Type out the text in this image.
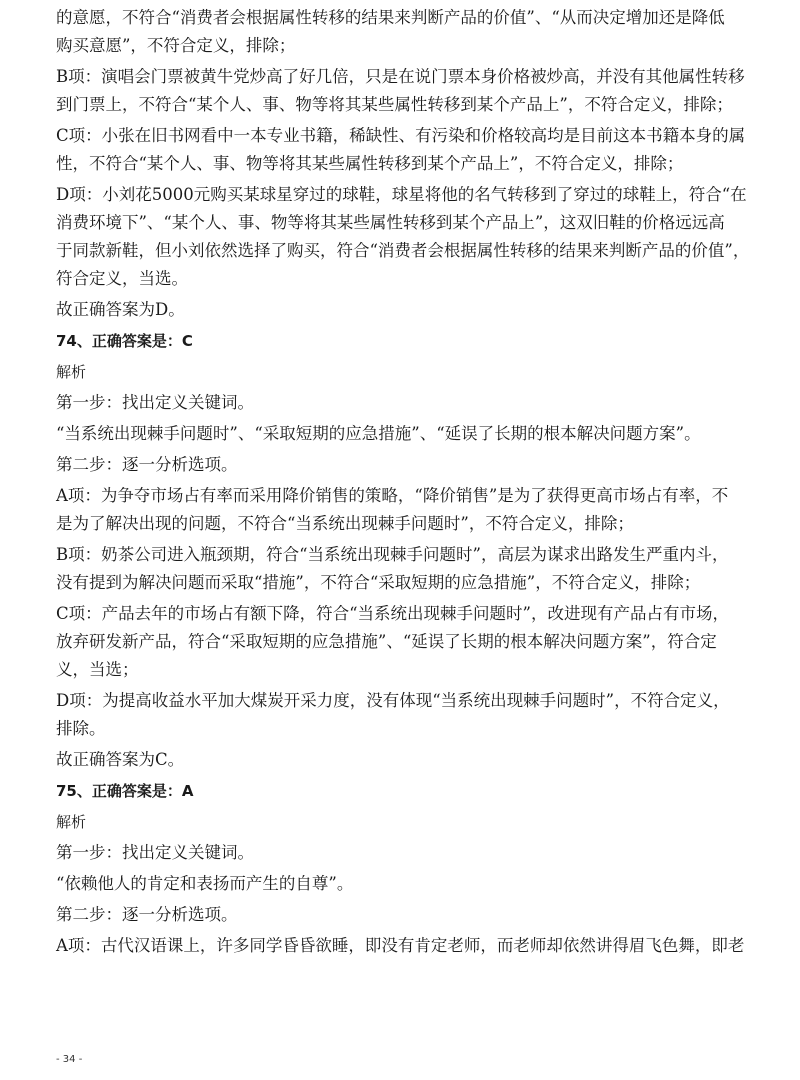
的意愿，不符合“消费者会根据属性转移的结果来判断产品的价值”、“从而决定增加还是降低

购买意愿”，不符合定义，排除；

B项：演唱会门票被黄牛党炒高了好几倍，只是在说门票本身价格被炒高，并没有其他属性转移

到门票上，不符合“某个人、事、物等将其某些属性转移到某个产品上”，不符合定义，排除；

C项：小张在旧书网看中一本专业书籍，稀缺性、有污染和价格较高均是目前这本书籍本身的属

性，不符合“某个人、事、物等将其某些属性转移到某个产品上”，不符合定义，排除；

D项：小刘花5000元购买某球星穿过的球鞋，球星将他的名气转移到了穿过的球鞋上，符合“在

消费环境下”、“某个人、事、物等将其某些属性转移到某个产品上”，这双旧鞋的价格远远高

于同款新鞋，但小刘依然选择了购买，符合“消费者会根据属性转移的结果来判断产品的价值”，

符合定义，当选。

故正确答案为D。

74、正确答案是：C

解析

第一步：找出定义关键词。

“当系统出现棘手问题时”、“采取短期的应急措施”、“延误了长期的根本解决问题方案”。

第二步：逐一分析选项。

A项：为争夺市场占有率而采用降价销售的策略，“降价销售”是为了获得更高市场占有率，不

是为了解决出现的问题，不符合“当系统出现棘手问题时”，不符合定义，排除；

B项：奶茶公司进入瓶颈期，符合“当系统出现棘手问题时”，高层为谋求出路发生严重内斗，

没有提到为解决问题而采取“措施”，不符合“采取短期的应急措施”，不符合定义，排除；

C项：产品去年的市场占有额下降，符合“当系统出现棘手问题时”，改进现有产品占有市场，

放弃研发新产品，符合“采取短期的应急措施”、“延误了长期的根本解决问题方案”，符合定

义，当选；

D项：为提高收益水平加大煤炭开采力度，没有体现“当系统出现棘手问题时”，不符合定义，

排除。

故正确答案为C。

75、正确答案是：A

解析

第一步：找出定义关键词。

“依赖他人的肯定和表扬而产生的自尊”。

第二步：逐一分析选项。

A项：古代汉语课上，许多同学昏昏欲睡，即没有肯定老师，而老师却依然讲得眉飞色舞，即老

- 34 -
